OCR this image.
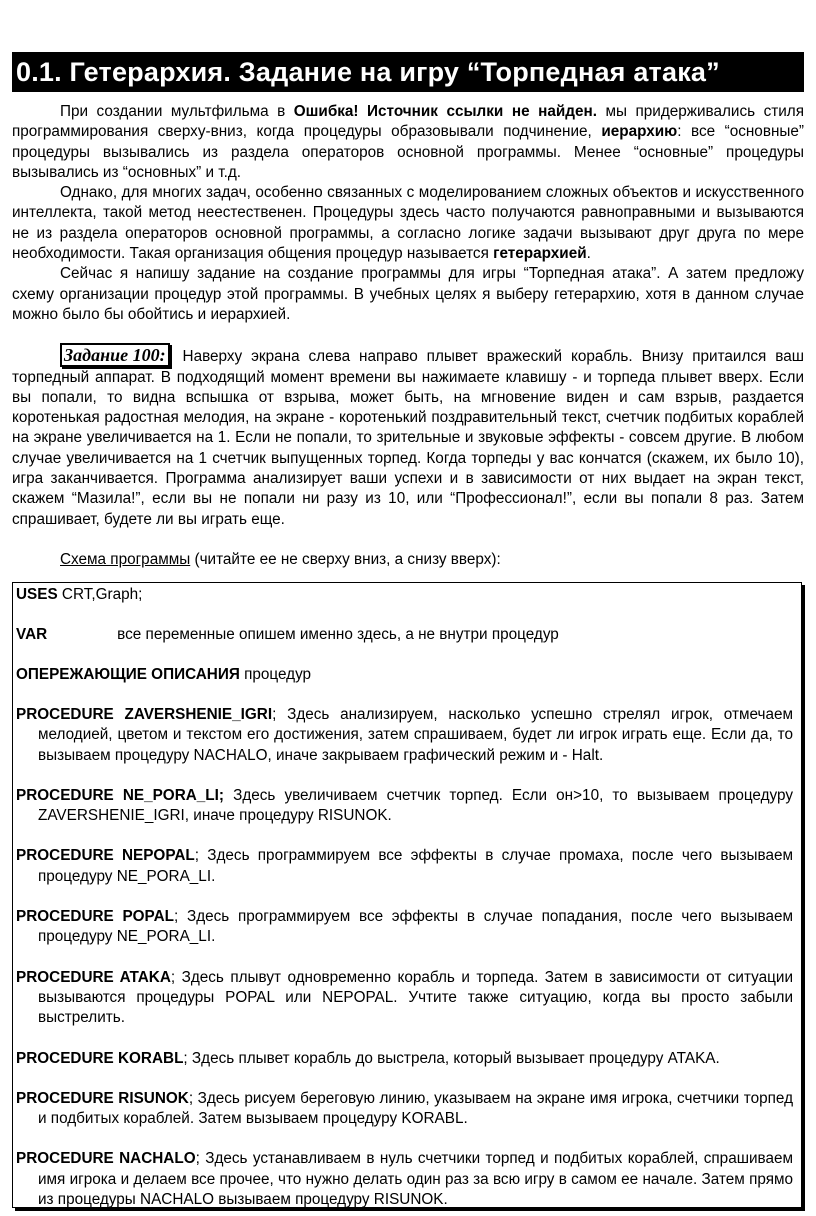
0.1. Гетерархия. Задание на игру “Торпедная атака”

При создании мультфильма в Ошибка! Источник ссылки не найден. мы придерживались стиля программирования сверху-вниз, когда процедуры образовывали подчинение, иерархию: все “основные” процедуры вызывались из раздела операторов основной программы. Менее “основные” процедуры вызывались из “основных” и т.д.

Однако, для многих задач, особенно связанных с моделированием сложных объектов и искусственного интеллекта, такой метод неестественен. Процедуры здесь часто получаются равноправными и вызываются не из раздела операторов основной программы, а согласно логике задачи вызывают друг друга по мере необходимости. Такая организация общения процедур называется гетерархией.

Сейчас я напишу задание на создание программы для игры “Торпедная атака”. А затем предложу схему организации процедур этой программы. В учебных целях я выберу гетерархию, хотя в данном случае можно было бы обойтись и иерархией.

Задание 100: Наверху экрана слева направо плывет вражеский корабль. Внизу притаился ваш торпедный аппарат. В подходящий момент времени вы нажимаете клавишу - и торпеда плывет вверх. Если вы попали, то видна вспышка от взрыва, может быть, на мгновение виден и сам взрыв, раздается коротенькая радостная мелодия, на экране - коротенький поздравительный текст, счетчик подбитых кораблей на экране увеличивается на 1. Если не попали, то зрительные и звуковые эффекты - совсем другие. В любом случае увеличивается на 1 счетчик выпущенных торпед. Когда торпеды у вас кончатся (скажем, их было 10), игра заканчивается. Программа анализирует ваши успехи и в зависимости от них выдает на экран текст, скажем “Мазила!”, если вы не попали ни разу из 10, или “Профессионал!”, если вы попали 8 раз. Затем спрашивает, будете ли вы играть еще.

Схема программы (читайте ее не сверху вниз, а снизу вверх):
USES CRT,Graph;
VAR	все переменные опишем именно здесь, а не внутри процедур
ОПЕРЕЖАЮЩИЕ ОПИСАНИЯ процедур
PROCEDURE ZAVERSHENIE_IGRI; Здесь анализируем, насколько успешно стрелял игрок, отмечаем мелодией, цветом и текстом его достижения, затем спрашиваем, будет ли игрок играть еще. Если да, то вызываем процедуру NACHALO, иначе закрываем графический режим и - Halt.
PROCEDURE NE_PORA_LI; Здесь увеличиваем счетчик торпед. Если он>10, то вызываем процедуру ZAVERSHENIE_IGRI, иначе процедуру RISUNOK.
PROCEDURE NEPOPAL; Здесь программируем все эффекты в случае промаха, после чего вызываем процедуру NE_PORA_LI.
PROCEDURE POPAL; Здесь программируем все эффекты в случае попадания, после чего вызываем процедуру NE_PORA_LI.
PROCEDURE ATAKA; Здесь плывут одновременно корабль и торпеда. Затем в зависимости от ситуации вызываются процедуры POPAL или NEPOPAL. Учтите также ситуацию, когда вы просто забыли выстрелить.
PROCEDURE KORABL; Здесь плывет корабль до выстрела, который вызывает процедуру ATAKA.
PROCEDURE RISUNOK; Здесь рисуем береговую линию, указываем на экране имя игрока, счетчики торпед и подбитых кораблей. Затем вызываем процедуру KORABL.
PROCEDURE NACHALO; Здесь устанавливаем в нуль счетчики торпед и подбитых кораблей, спрашиваем имя игрока и делаем все прочее, что нужно делать один раз за всю игру в самом ее начале. Затем прямо из процедуры NACHALO вызываем процедуру RISUNOK.
